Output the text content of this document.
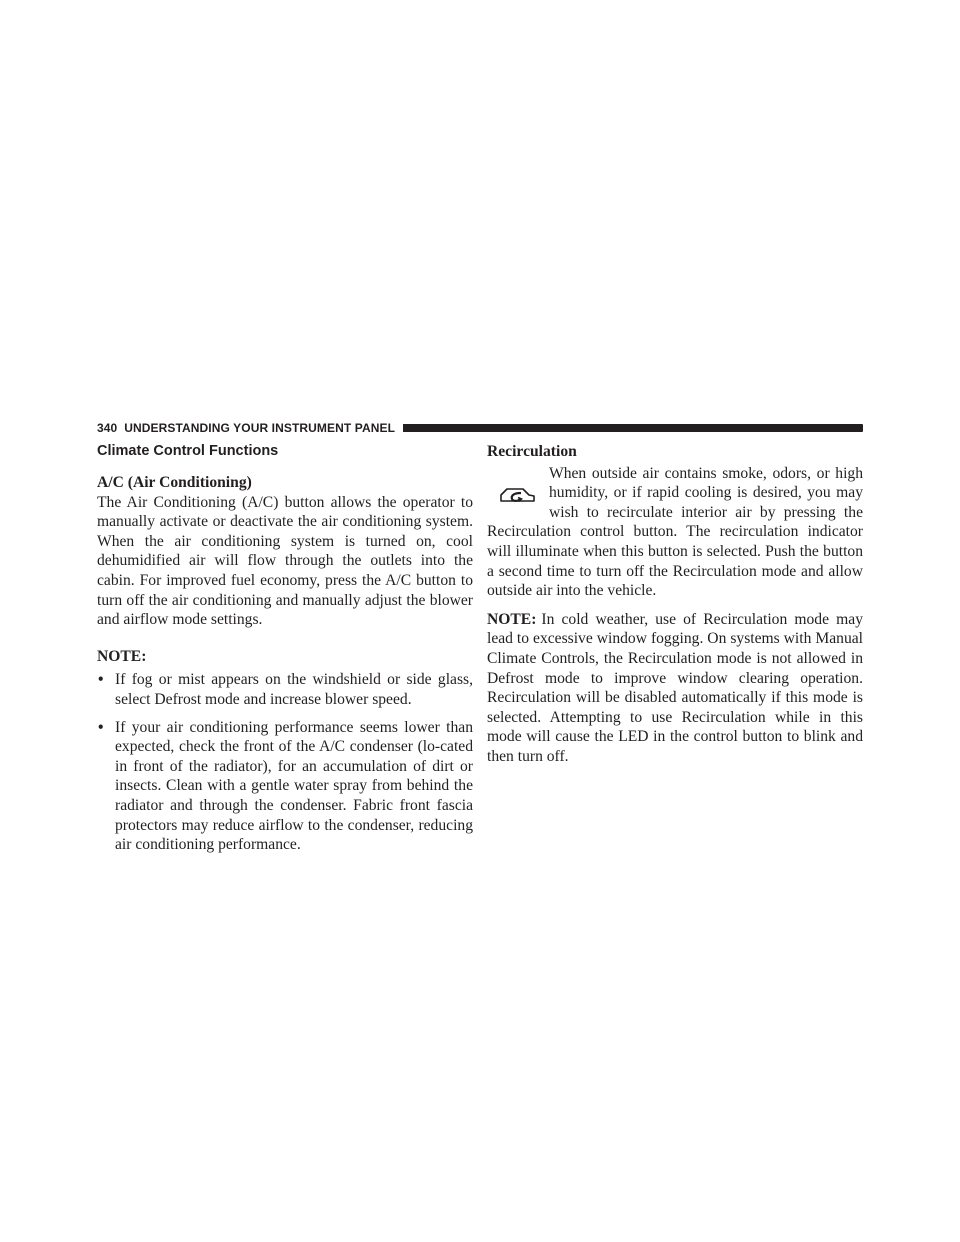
340 UNDERSTANDING YOUR INSTRUMENT PANEL
Climate Control Functions
A/C (Air Conditioning)

The Air Conditioning (A/C) button allows the operator to manually activate or deactivate the air conditioning system. When the air conditioning system is turned on, cool dehumidified air will flow through the outlets into the cabin. For improved fuel economy, press the A/C button to turn off the air conditioning and manually adjust the blower and airflow mode settings.

NOTE:
• If fog or mist appears on the windshield or side glass, select Defrost mode and increase blower speed.
• If your air conditioning performance seems lower than expected, check the front of the A/C condenser (lo-cated in front of the radiator), for an accumulation of dirt or insects. Clean with a gentle water spray from behind the radiator and through the condenser. Fabric front fascia protectors may reduce airflow to the condenser, reducing air conditioning performance.
Recirculation

When outside air contains smoke, odors, or high humidity, or if rapid cooling is desired, you may wish to recirculate interior air by pressing the Recirculation control button. The recirculation indicator will illuminate when this button is selected. Push the button a second time to turn off the Recirculation mode and allow outside air into the vehicle.

NOTE: In cold weather, use of Recirculation mode may lead to excessive window fogging. On systems with Manual Climate Controls, the Recirculation mode is not allowed in Defrost mode to improve window clearing operation. Recirculation will be disabled automatically if this mode is selected. Attempting to use Recirculation while in this mode will cause the LED in the control button to blink and then turn off.
